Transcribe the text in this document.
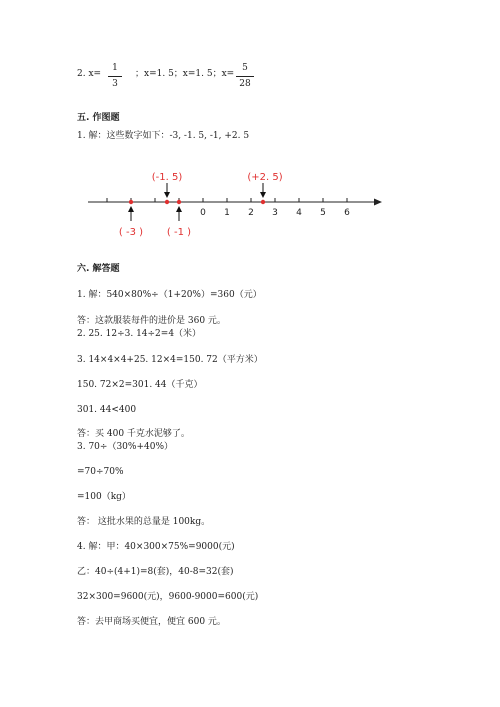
2. x=
1
3
；x=1. 5；x=1. 5；x=
5
28
五. 作图题
1. 解：这些数字如下：-3, -1. 5, -1, +2. 5
0 1 2 3 4 5 6
(-1. 5)	(+2. 5)
( -3 ) ( -1 )
六. 解答题
1. 解：540×80%÷（1+20%）=360（元）
答：这款服装每件的进价是 360 元。
2. 25. 12÷3. 14÷2=4（米）
3. 14×4×4+25. 12×4=150. 72（平方米）
150. 72×2=301. 44（千克）
301. 44<400
答：买 400 千克水泥够了。
3. 70÷（30%+40%）
=70÷70%
=100（kg）
答： 这批水果的总量是 100kg。
4. 解：甲：40×300×75%=9000(元)
乙：40÷(4+1)=8(套)，40-8=32(套)
32×300=9600(元)，9600-9000=600(元)
答：去甲商场买便宜，便宜 600 元。
